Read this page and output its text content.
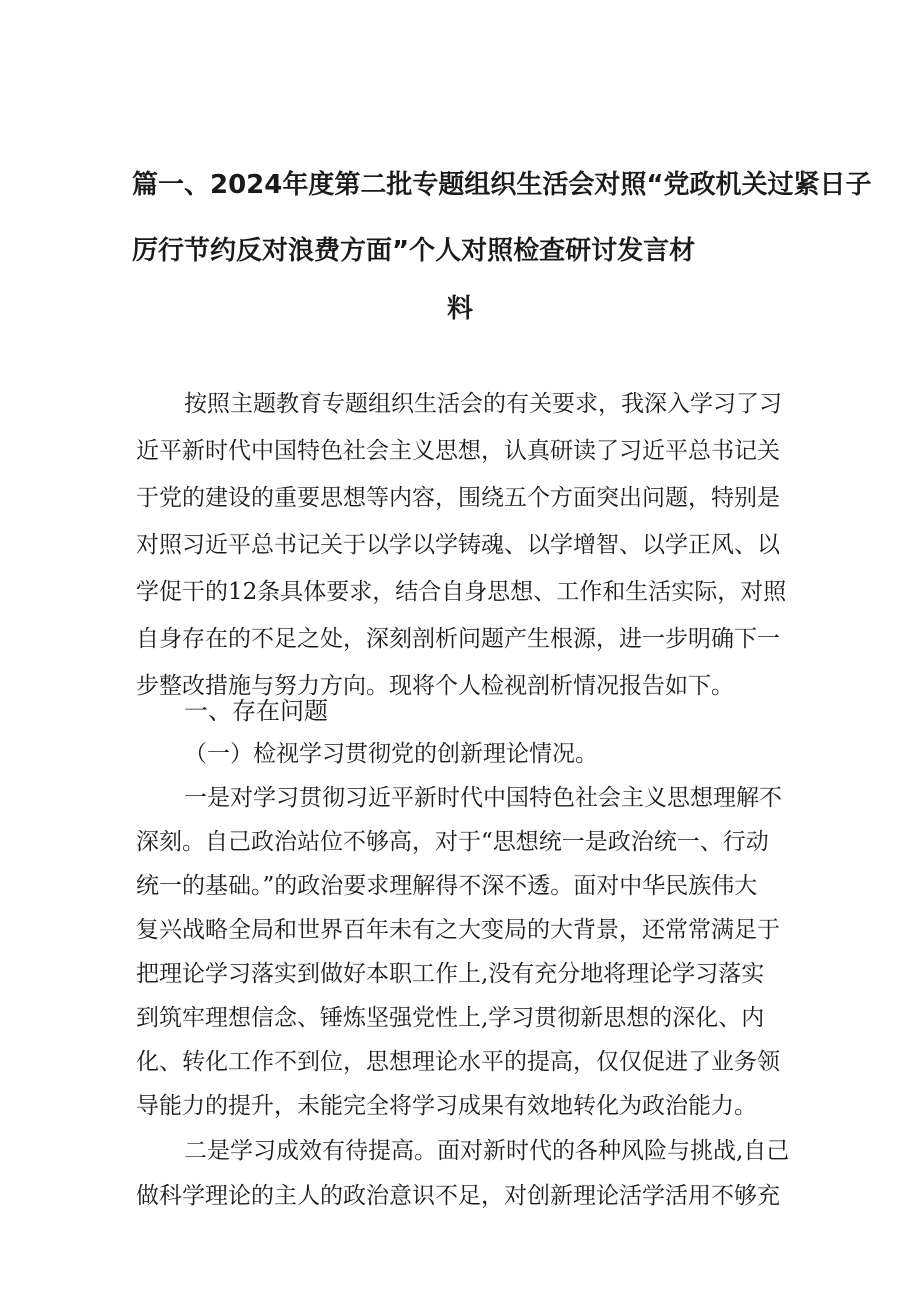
篇一、2024年度第二批专题组织生活会对照“党政机关过紧日子
厉行节约反对浪费方面”个人对照检查研讨发言材
料
按照主题教育专题组织生活会的有关要求，我深入学习了习
近平新时代中国特色社会主义思想，认真研读了习近平总书记关
于党的建设的重要思想等内容，围绕五个方面突出问题，特别是
对照习近平总书记关于以学以学铸魂、以学增智、以学正风、以
学促干的12条具体要求，结合自身思想、工作和生活实际，对照
自身存在的不足之处，深刻剖析问题产生根源，进一步明确下一
步整改措施与努力方向。现将个人检视剖析情况报告如下。
一、存在问题
（一）检视学习贯彻党的创新理论情况。
一是对学习贯彻习近平新时代中国特色社会主义思想理解不
深刻。自己政治站位不够高，对于“思想统一是政治统一、行动
统一的基础。”的政治要求理解得不深不透。面对中华民族伟大
复兴战略全局和世界百年未有之大变局的大背景，还常常满足于
把理论学习落实到做好本职工作上,没有充分地将理论学习落实
到筑牢理想信念、锤炼坚强党性上,学习贯彻新思想的深化、内
化、转化工作不到位，思想理论水平的提高，仅仅促进了业务领
导能力的提升，未能完全将学习成果有效地转化为政治能力。
二是学习成效有待提高。面对新时代的各种风险与挑战,自己
做科学理论的主人的政治意识不足，对创新理论活学活用不够充
